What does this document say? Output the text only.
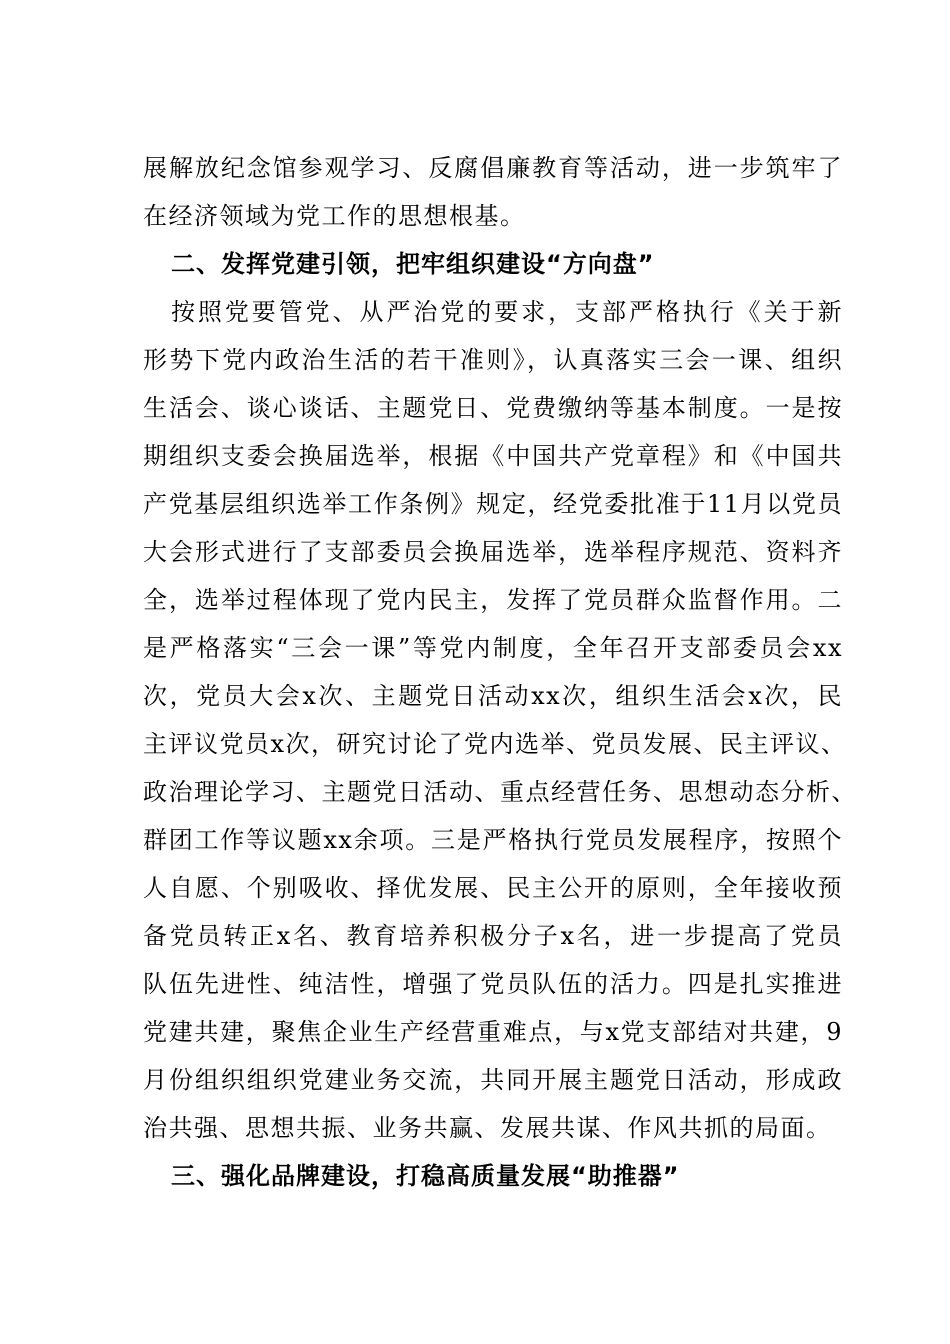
展解放纪念馆参观学习、反腐倡廉教育等活动，进一步筑牢了
在经济领域为党工作的思想根基。
二、发挥党建引领，把牢组织建设“方向盘”
按照党要管党、从严治党的要求，支部严格执行《关于新
形势下党内政治生活的若干准则》，认真落实三会一课、组织
生活会、谈心谈话、主题党日、党费缴纳等基本制度。一是按
期组织支委会换届选举，根据《中国共产党章程》和《中国共
产党基层组织选举工作条例》规定，经党委批准于11月以党员
大会形式进行了支部委员会换届选举，选举程序规范、资料齐
全，选举过程体现了党内民主，发挥了党员群众监督作用。二
是严格落实“三会一课”等党内制度，全年召开支部委员会xx
次，党员大会x次、主题党日活动xx次，组织生活会x次，民
主评议党员x次，研究讨论了党内选举、党员发展、民主评议、
政治理论学习、主题党日活动、重点经营任务、思想动态分析、
群团工作等议题xx余项。三是严格执行党员发展程序，按照个
人自愿、个别吸收、择优发展、民主公开的原则，全年接收预
备党员转正x名、教育培养积极分子x名，进一步提高了党员
队伍先进性、纯洁性，增强了党员队伍的活力。四是扎实推进
党建共建，聚焦企业生产经营重难点，与x党支部结对共建，9
月份组织组织党建业务交流，共同开展主题党日活动，形成政
治共强、思想共振、业务共赢、发展共谋、作风共抓的局面。
三、强化品牌建设，打稳高质量发展“助推器”
